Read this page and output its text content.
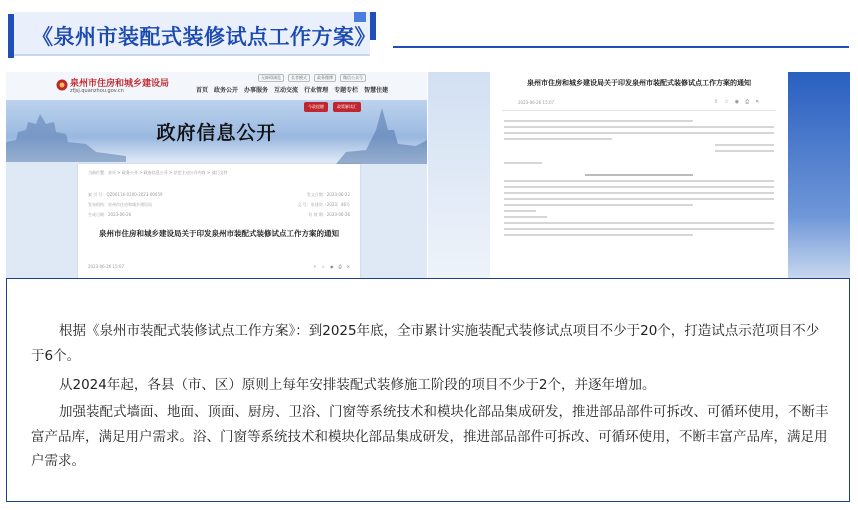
《泉州市装配式装修试点工作方案》
泉州市住房和城乡建设局
zfjsj.quanzhou.gov.cn
无障碍浏览	长者模式	政务微博	微信公众号
首页 政务公开 办事服务 互动交流 行业管理 专题专栏 智慧住建
今政提醒	政策解读汇
政府信息公开
当前位置：首页 > 政务公开 > 政府信息公开 > 法定主动公开内容 > 部门文件
索 引 号：QZ06116-0100-2023-00059	发文日期：2023-06-22
发布机构：泉州市住房和城乡建设局	文 号：泉建房〔2023〕46号
生成日期：2023-06-26	有 效 期：2023-06-26
泉州市住房和城乡建设局关于印发泉州市装配式装修试点工作方案的通知
2023-06-26 15:07	⇪ ☆ ◉ ⎙ ✕
泉州市住房和城乡建设局关于印发泉州市装配式装修试点工作方案的通知
2023-06-26 15:07	⇪ ☆ ◉ ⎙ ✕

根据《泉州市装配式装修试点工作方案》：到2025年底，全市累计实施装配式装修试点项目不少于20个，打造试点示范项目不少于6个。

从2024年起，各县（市、区）原则上每年安排装配式装修施工阶段的项目不少于2个，并逐年增加。

加强装配式墙面、地面、顶面、厨房、卫浴、门窗等系统技术和模块化部品集成研发，推进部品部件可拆改、可循环使用，不断丰富产品库，满足用户需求。浴、门窗等系统技术和模块化部品集成研发，推进部品部件可拆改、可循环使用，不断丰富产品库，满足用户需求。
